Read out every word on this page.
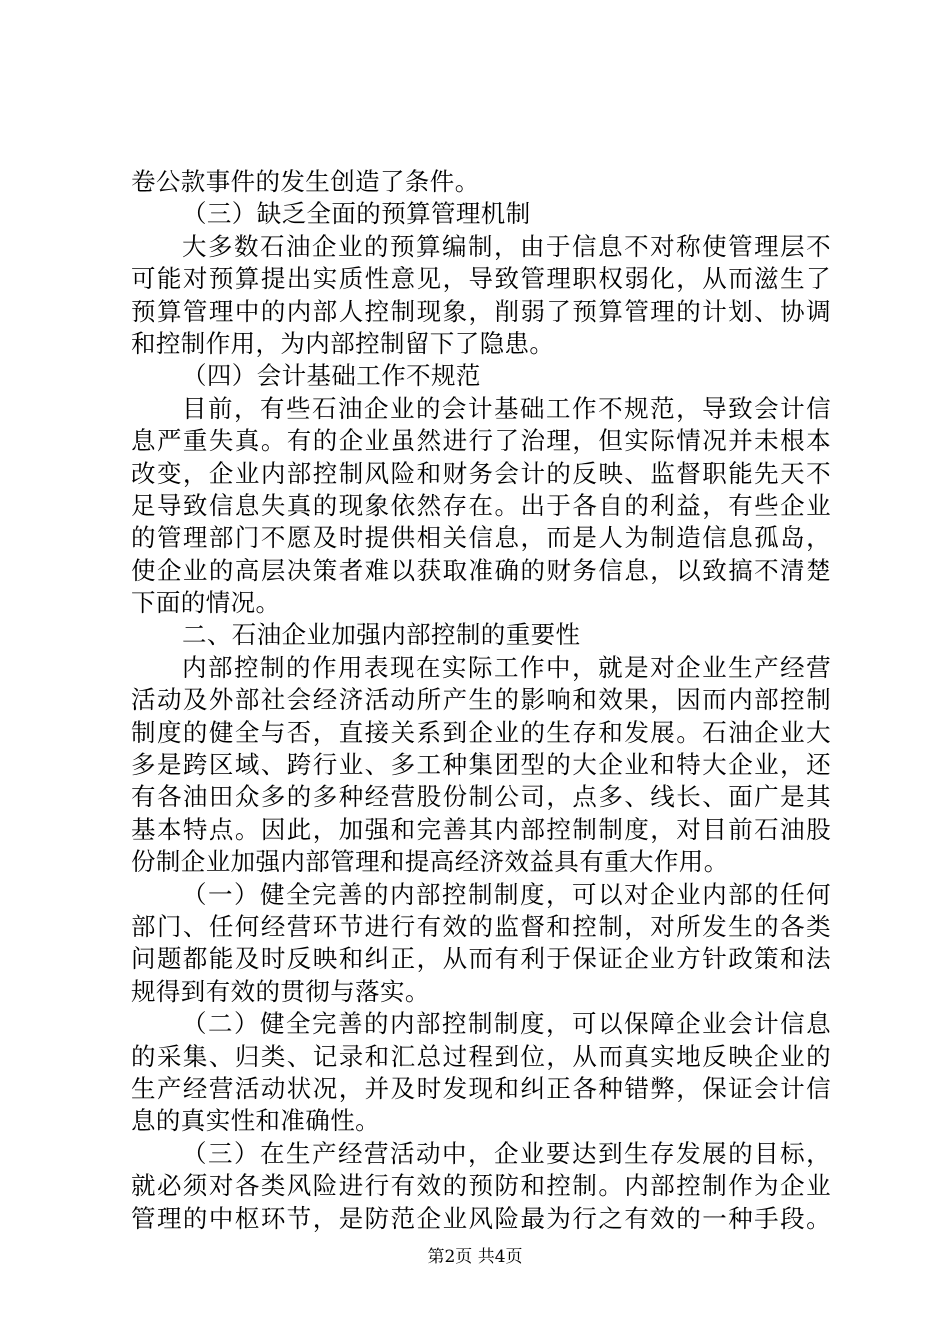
卷公款事件的发生创造了条件。
（三）缺乏全面的预算管理机制
大多数石油企业的预算编制，由于信息不对称使管理层不
可能对预算提出实质性意见，导致管理职权弱化，从而滋生了
预算管理中的内部人控制现象，削弱了预算管理的计划、协调
和控制作用，为内部控制留下了隐患。
（四）会计基础工作不规范
目前，有些石油企业的会计基础工作不规范，导致会计信
息严重失真。有的企业虽然进行了治理，但实际情况并未根本
改变，企业内部控制风险和财务会计的反映、监督职能先天不
足导致信息失真的现象依然存在。出于各自的利益，有些企业
的管理部门不愿及时提供相关信息，而是人为制造信息孤岛，
使企业的高层决策者难以获取准确的财务信息，以致搞不清楚
下面的情况。
二、石油企业加强内部控制的重要性
内部控制的作用表现在实际工作中，就是对企业生产经营
活动及外部社会经济活动所产生的影响和效果，因而内部控制
制度的健全与否，直接关系到企业的生存和发展。石油企业大
多是跨区域、跨行业、多工种集团型的大企业和特大企业，还
有各油田众多的多种经营股份制公司，点多、线长、面广是其
基本特点。因此，加强和完善其内部控制制度，对目前石油股
份制企业加强内部管理和提高经济效益具有重大作用。
（一）健全完善的内部控制制度，可以对企业内部的任何
部门、任何经营环节进行有效的监督和控制，对所发生的各类
问题都能及时反映和纠正，从而有利于保证企业方针政策和法
规得到有效的贯彻与落实。
（二）健全完善的内部控制制度，可以保障企业会计信息
的采集、归类、记录和汇总过程到位，从而真实地反映企业的
生产经营活动状况，并及时发现和纠正各种错弊，保证会计信
息的真实性和准确性。
（三）在生产经营活动中，企业要达到生存发展的目标，
就必须对各类风险进行有效的预防和控制。内部控制作为企业
管理的中枢环节，是防范企业风险最为行之有效的一种手段。
第2页 共4页
